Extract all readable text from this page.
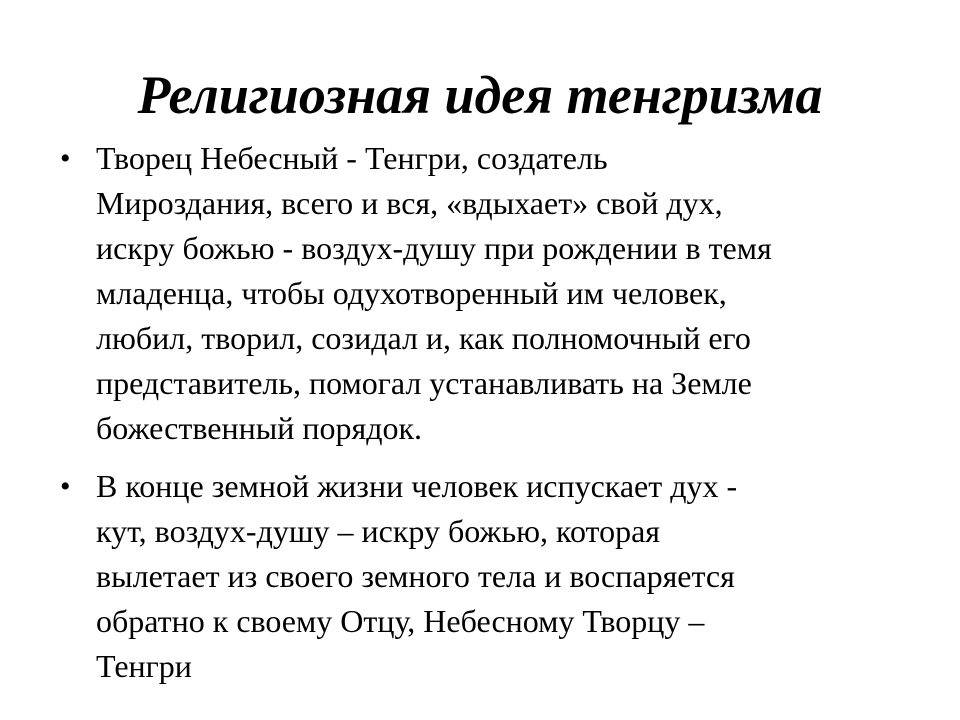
Религиозная идея тенгризма
• Творец Небесный - Тенгри, создатель
Мироздания, всего и вся, «вдыхает» свой дух,
искру божью - воздух-душу при рождении в темя
младенца, чтобы одухотворенный им человек,
любил, творил, созидал и, как полномочный его
представитель, помогал устанавливать на Земле
божественный порядок.
• В конце земной жизни человек испускает дух -
кут, воздух-душу – искру божью, которая
вылетает из своего земного тела и воспаряется
обратно к своему Отцу, Небесному Творцу –
Тенгри
